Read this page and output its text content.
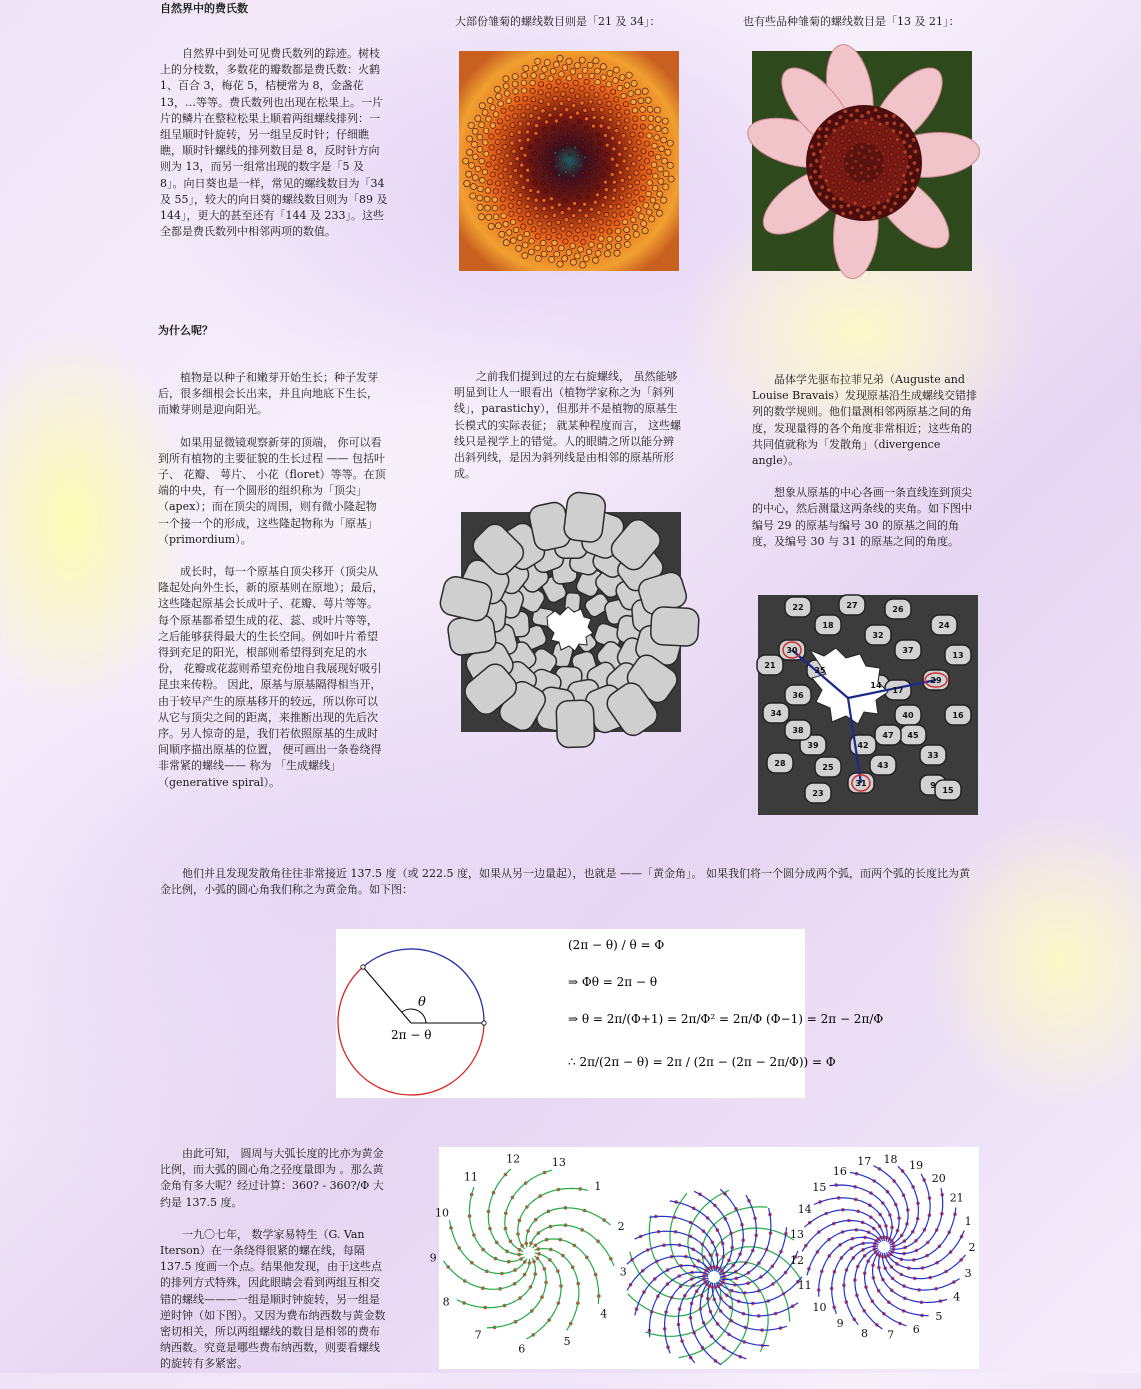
自然界中的费氏数

自然界中到处可见费氏数列的踪迹。树枝上的分枝数，多数花的瓣数都是费氏数：火鹤 1、百合 3，梅花 5，桔梗常为 8，金盏花 13，…等等。费氏数列也出现在松果上。一片片的鳞片在整粒松果上顺着两组螺线排列：一组呈顺时针旋转，另一组呈反时针；仔细瞧瞧，顺时针螺线的排列数目是 8，反时针方向则为 13，而另一组常出现的数字是「5 及 8」。向日葵也是一样，常见的螺线数目为「34 及 55」，较大的向日葵的螺线数目则为「89 及 144」，更大的甚至还有「144 及 233」。这些全都是费氏数列中相邻两项的数值。

大部份雏菊的螺线数目则是「21 及 34」：	也有些品种雏菊的螺线数目是「13 及 21」：
为什么呢？

植物是以种子和嫩芽开始生长；种子发芽后，很多细根会长出来，并且向地底下生长，而嫩芽则是迎向阳光。

如果用显微镜观察新芽的顶端， 你可以看到所有植物的主要征貌的生长过程 —— 包括叶子、 花瓣、 萼片、 小花（floret）等等。在顶端的中央，有一个圆形的组织称为「顶尖」（apex）；而在顶尖的周围，则有微小隆起物一个接一个的形成，这些隆起物称为「原基」（primordium）。

成长时，每一个原基自顶尖移开（顶尖从隆起处向外生长，新的原基则在原地）；最后，这些隆起原基会长成叶子、花瓣、萼片等等。每个原基都希望生成的花、蕊、或叶片等等，之后能够获得最大的生长空间。例如叶片希望得到充足的阳光，根部则希望得到充足的水份， 花瓣或花蕊则希望充份地自我展现好吸引昆虫来传粉。 因此，原基与原基隔得相当开，由于较早产生的原基移开的较远，所以你可以从它与顶尖之间的距离，来推断出现的先后次序。另人惊奇的是，我们若依照原基的生成时间顺序描出原基的位置， 便可画出一条卷绕得非常紧的螺线—— 称为 「生成螺线」（generative spiral）。

之前我们提到过的左右旋螺线， 虽然能够明显到让人一眼看出（植物学家称之为「斜列线」，parastichy），但那并不是植物的原基生长模式的实际表征； 就某种程度而言， 这些螺线只是视学上的错觉。人的眼睛之所以能分辨出斜列线，是因为斜列线是由相邻的原基所形成。

晶体学先驱布拉菲兄弟（Auguste and Louise Bravais）发现原基沿生成螺线交错排列的数学规则。他们量测相邻两原基之间的角度，发现量得的各个角度非常相近；这些角的共同值就称为「发散角」（divergence angle）。

想象从原基的中心各画一条直线连到顶尖的中心，然后测量这两条线的夹角。如下图中编号 29 的原基与编号 30 的原基之间的角度，及编号 30 与 31 的原基之间的角度。

22	27
30
29
31
26
24
32
37
21
35
36
40
45
47
42
43
33
39
38
34
28	25
23
9
16
13
15
14
17
18

他们并且发现发散角往往非常接近 137.5 度（或 222.5 度，如果从另一边量起），也就是 ——「黄金角」。 如果我们将一个圆分成两个弧，而两个弧的长度比为黄金比例，小弧的圆心角我们称之为黄金角。如下图：

θ
2π − θ
(2π − θ) / θ = Φ
⇒ Φθ = 2π − θ
⇒ θ = 2π/(Φ+1) = 2π/Φ² = 2π/Φ (Φ−1) = 2π − 2π/Φ
∴ 2π/(2π − θ) = 2π / (2π − (2π − 2π/Φ)) = Φ

由此可知， 圆周与大弧长度的比亦为黄金比例，而大弧的圆心角之弪度量即为 。那么黄金角有多大呢？经过计算：360? - 360?/Φ 大约是 137.5 度。

一九〇七年， 数学家易特生（G. Van Iterson）在一条绕得很紧的螺在线，每隔 137.5 度画一个点。结果他发现，由于这些点的排列方式特殊，因此眼睛会看到两组互相交错的螺线———一组是顺时钟旋转，另一组是逆时钟（如下图）。又因为费布纳西数与黄金数密切相关，所以两组螺线的数目是相邻的费布纳西数。究竟是哪些费布纳西数，则要看螺线的旋转有多紧密。

1
2
3
4
5
6
7
8
9
10
11
12	13
1
2
3
4
5
6
7
8
9
10
11
12
13
14
15
16
17 18 19
20
21
